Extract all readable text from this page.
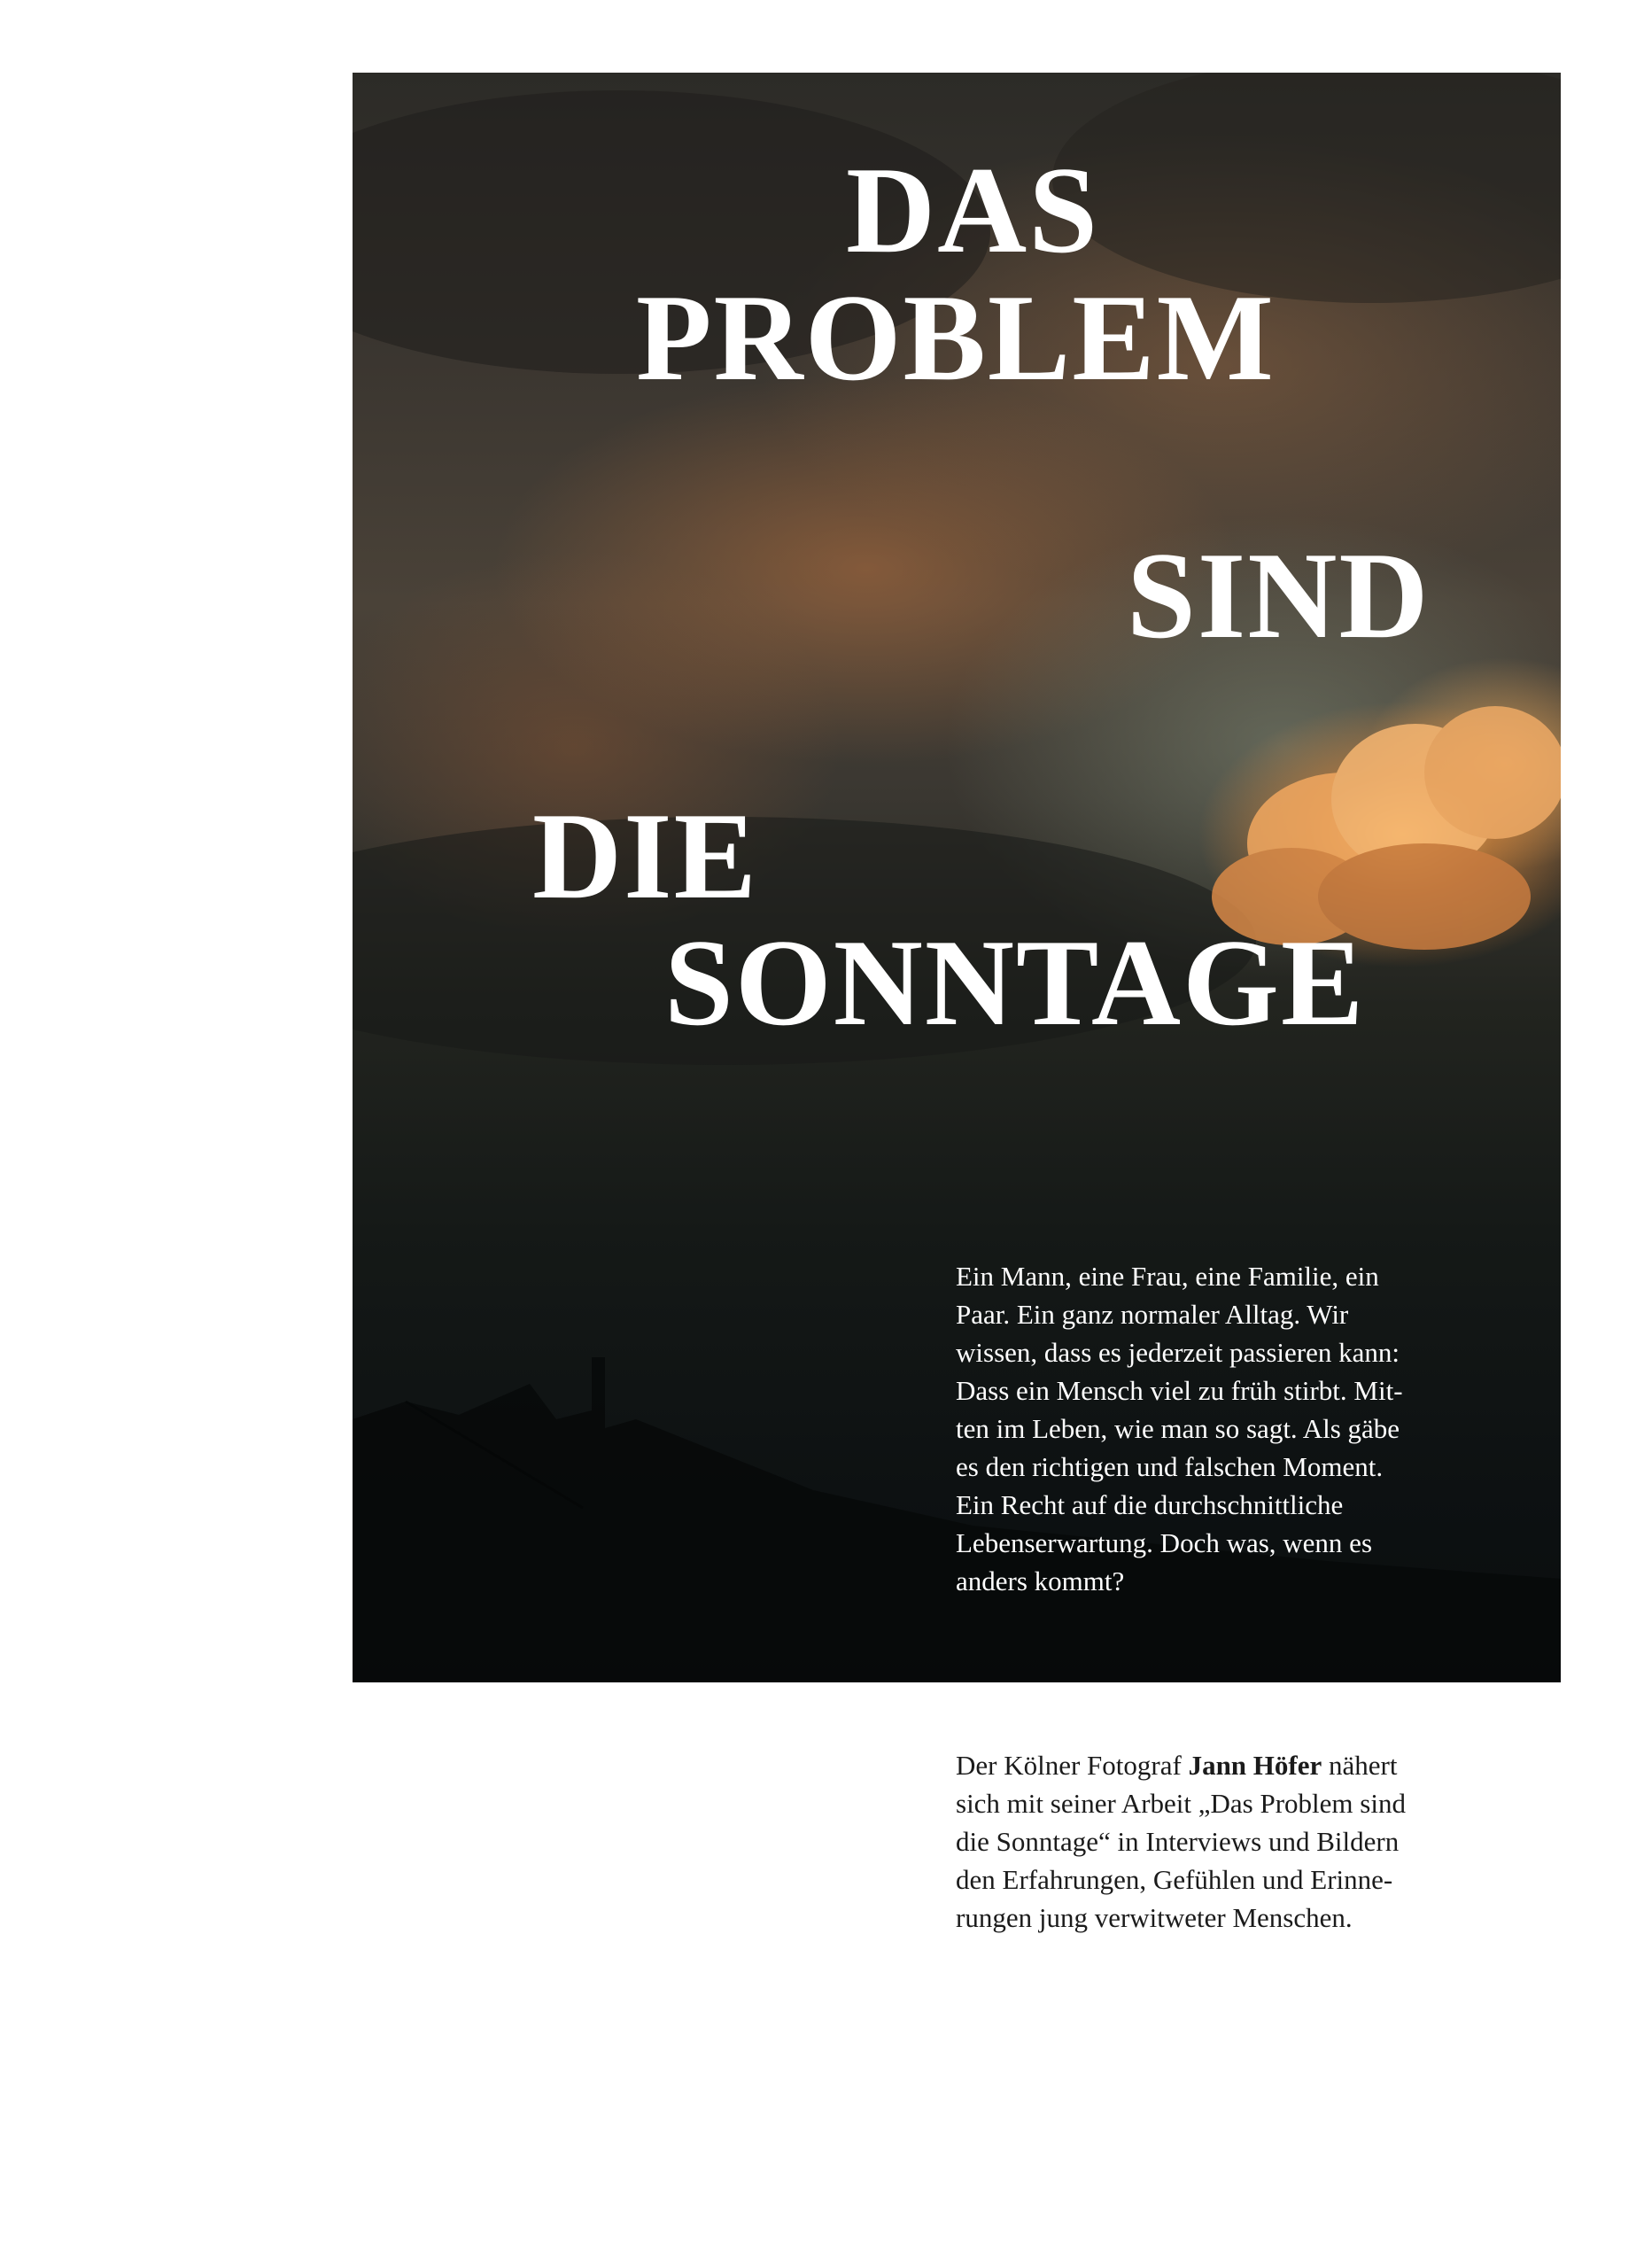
DAS
PROBLEM
SIND
DIE
SONNTAGE

Ein Mann, eine Frau, eine Familie, ein
Paar. Ein ganz normaler Alltag. Wir
wissen, dass es jederzeit passieren kann:
Dass ein Mensch viel zu früh stirbt. Mit-
ten im Leben, wie man so sagt. Als gäbe
es den richtigen und falschen Moment.
Ein Recht auf die durchschnittliche
Lebenserwartung. Doch was, wenn es
anders kommt?

Der Kölner Fotograf Jann Höfer nähert
sich mit seiner Arbeit „Das Problem sind
die Sonntage“ in Interviews und Bildern
den Erfahrungen, Gefühlen und Erinne-
rungen jung verwitweter Menschen.
